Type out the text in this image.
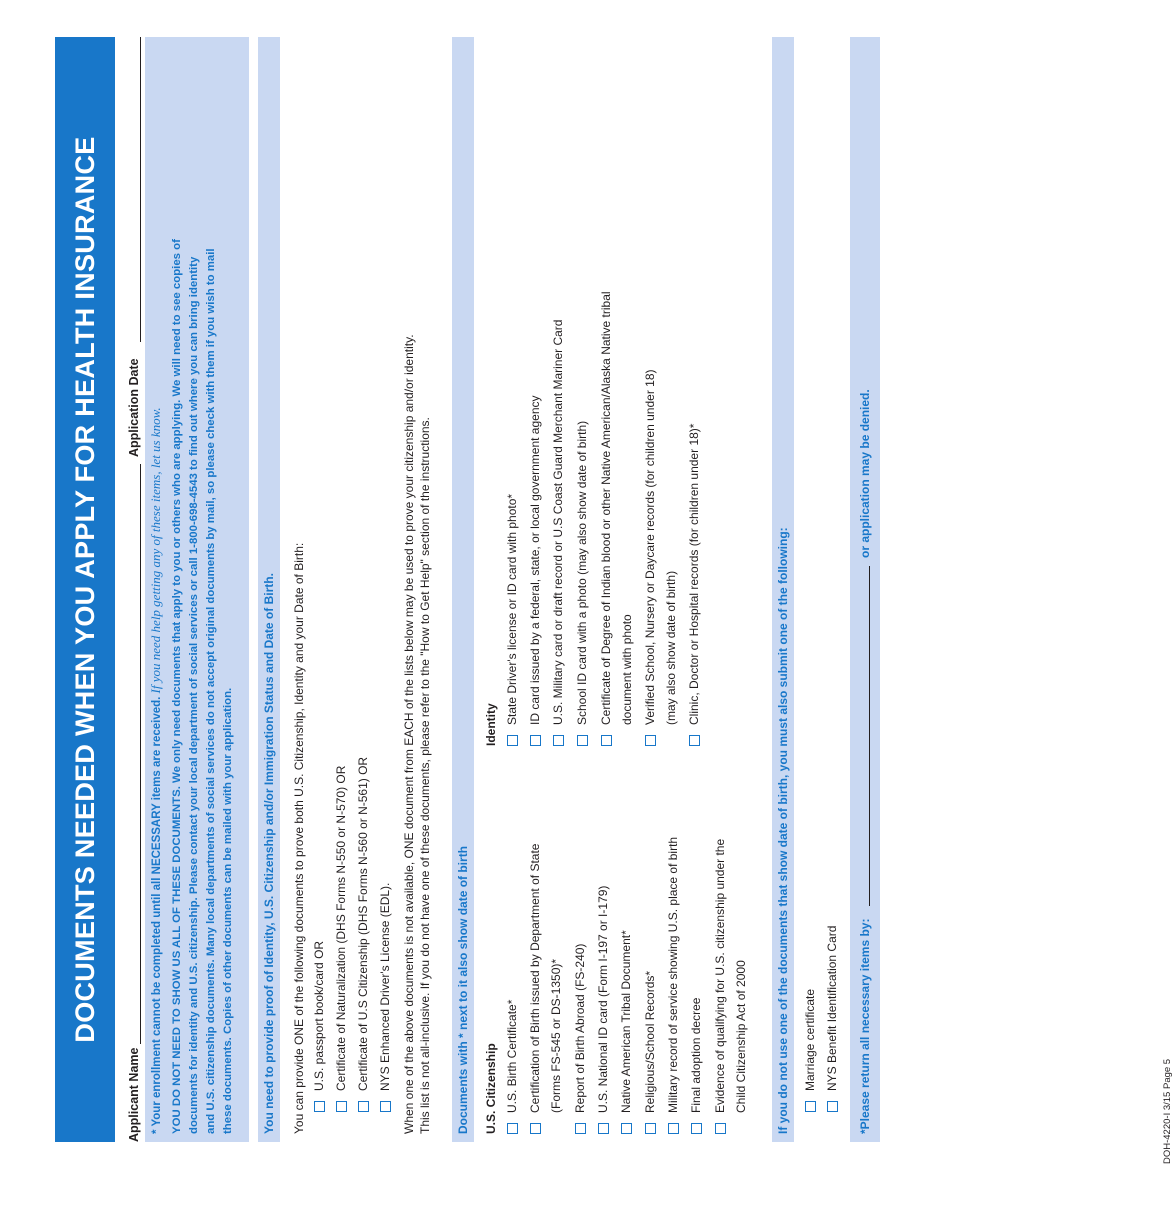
DOCUMENTS NEEDED WHEN YOU APPLY FOR HEALTH INSURANCE
Applicant Name
Application Date
* Your enrollment cannot be completed until all NECESSARY items are received. If you need help getting any of these items, let us know. YOU DO NOT NEED TO SHOW US ALL OF THESE DOCUMENTS. We only need documents that apply to you or others who are applying. We will need to see copies of documents for identity and U.S. citizenship. Please contact your local department of social services or call 1-800-698-4543 to find out where you can bring identity and U.S. citizenship documents. Many local departments of social services do not accept original documents by mail, so please check with them if you wish to mail these documents. Copies of other documents can be mailed with your application. You need to provide proof of Identity, U.S. Citizenship and/or Immigration Status and Date of Birth. You can provide ONE of the following documents to prove both U.S. Citizenship, Identity and your Date of Birth: U.S. passport book/card OR Certificate of Naturalization (DHS Forms N-550 or N-570) OR Certificate of U.S Citizenship (DHS Forms N-560 or N-561) OR NYS Enhanced Driver's License (EDL). When one of the above documents is not available, ONE document from EACH of the lists below may be used to prove your citizenship and/or identity. This list is not all-inclusive. If you do not have one of these documents, please refer to the "How to Get Help" section of the instructions. Documents with * next to it also show date of birth U.S. Citizenship
Identity
U.S. Birth Certificate* Certification of Birth issued by Department of State (Forms FS-545 or DS-1350)* Report of Birth Abroad (FS-240) U.S. National ID card (Form I-197 or I-179) Native American Tribal Document* Religious/School Records* Military record of service showing U.S. place of birth Final adoption decree Evidence of qualifying for U.S. citizenship under the Child Citizenship Act of 2000
State Driver's license or ID card with photo* ID card issued by a federal, state, or local government agency U.S. Military card or draft record or U.S Coast Guard Merchant Mariner Card School ID card with a photo (may also show date of birth) Certificate of Degree of Indian blood or other Native American/Alaska Native tribal document with photo Verified School, Nursery or Daycare records (for children under 18) (may also show date of birth) Clinic, Doctor or Hospital records (for children under 18)*	If you do not use one of the documents that show date of birth, you must also submit one of the following: Marriage certificate NYS Benefit Identification Card *Please return all necessary items by:
or application may be denied.
DOH-4220-I 3/15 Page 5
